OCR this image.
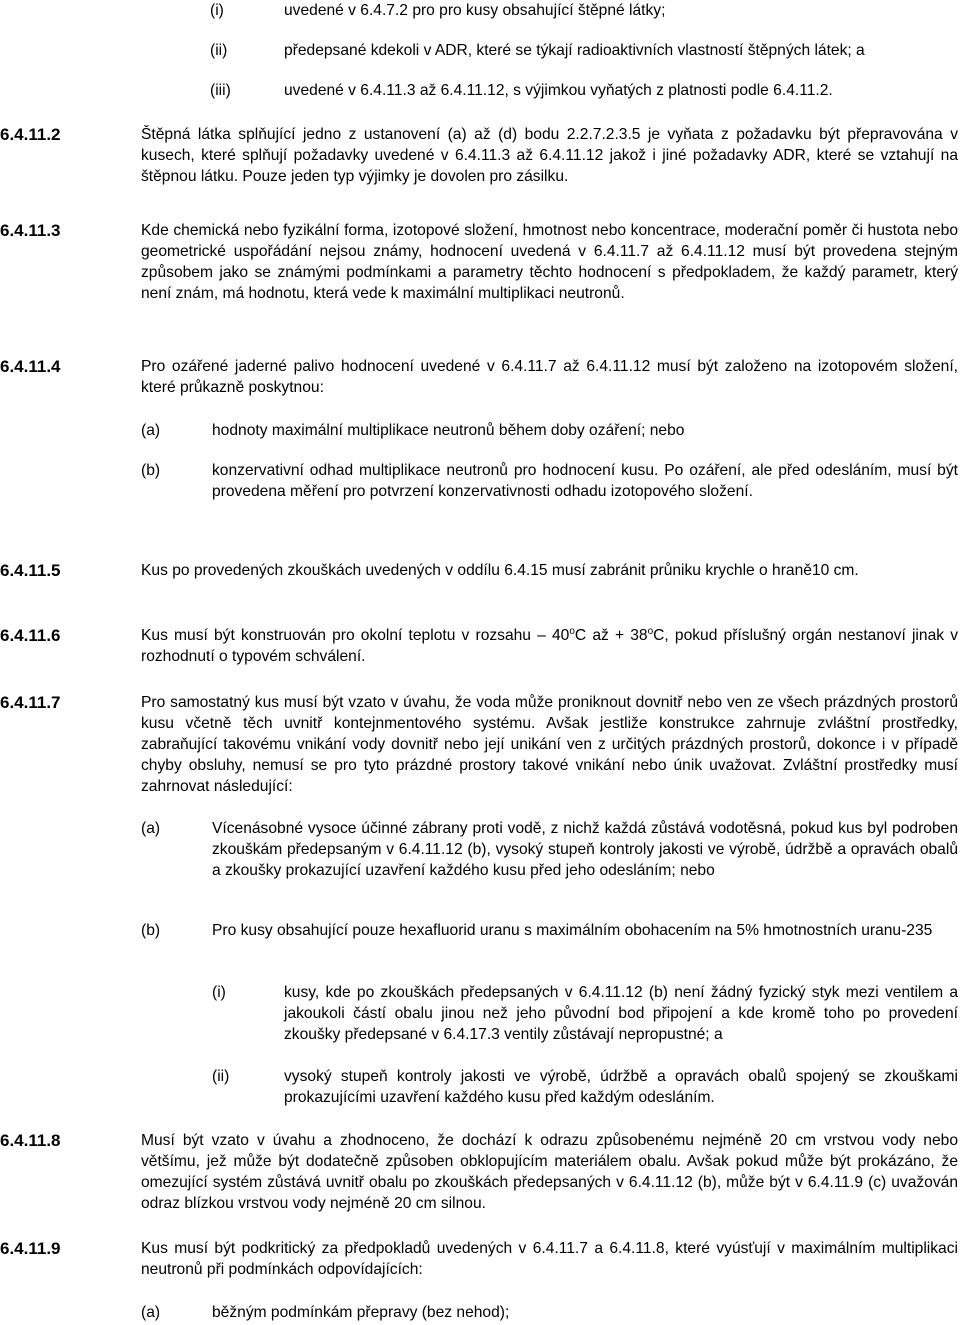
(i)	uvedené v 6.4.7.2 pro pro kusy obsahující štěpné látky;
(ii)	předepsané kdekoli v ADR, které se týkají radioaktivních vlastností štěpných látek; a
(iii)	uvedené v 6.4.11.3 až 6.4.11.12, s výjimkou vyňatých z platnosti podle 6.4.11.2.
6.4.11.2	Štěpná látka splňující jedno z ustanovení (a) až (d) bodu 2.2.7.2.3.5 je vyňata z požadavku být přepravována v kusech, které splňují požadavky uvedené v 6.4.11.3 až 6.4.11.12 jakož i jiné požadavky ADR, které se vztahují na štěpnou látku. Pouze jeden typ výjimky je dovolen pro zásilku.
6.4.11.3	Kde chemická nebo fyzikální forma, izotopové složení, hmotnost nebo koncentrace, moderační poměr či hustota nebo geometrické uspořádání nejsou známy, hodnocení uvedená v 6.4.11.7 až 6.4.11.12 musí být provedena stejným způsobem jako se známými podmínkami a parametry těchto hodnocení s předpokladem, že každý parametr, který není znám, má hodnotu, která vede k maximální multiplikaci neutronů.
6.4.11.4	Pro ozářené jaderné palivo hodnocení uvedené v 6.4.11.7 až 6.4.11.12 musí být založeno na izotopovém složení, které průkazně poskytnou:
(a)	hodnoty maximální multiplikace neutronů během doby ozáření; nebo
(b)	konzervativní odhad multiplikace neutronů pro hodnocení kusu. Po ozáření, ale před odesláním, musí být provedena měření pro potvrzení konzervativnosti odhadu izotopového složení.
6.4.11.5	Kus po provedených zkouškách uvedených v oddílu 6.4.15 musí zabránit průniku krychle o hraně10 cm.
6.4.11.6	Kus musí být konstruován pro okolní teplotu v rozsahu – 40$^o$C až + $38^oC$, pokud příslušný orgán nestanoví jinak v rozhodnutí o typovém schválení.
6.4.11.7	Pro samostatný kus musí být vzato v úvahu, že voda může proniknout dovnitř nebo ven ze všech prázdných prostorů kusu včetně těch uvnitř kontejnmentového systému. Avšak jestliže konstrukce zahrnuje zvláštní prostředky, zabraňující takovému vnikání vody dovnitř nebo její unikání ven z určitých prázdných prostorů, dokonce i v případě chyby obsluhy, nemusí se pro tyto prázdné prostory takové vnikání nebo únik uvažovat. Zvláštní prostředky musí zahrnovat následující:
(a)	Vícenásobné vysoce účinné zábrany proti vodě, z nichž každá zůstává vodotěsná, pokud kus byl podroben zkouškám předepsaným v 6.4.11.12 (b), vysoký stupeň kontroly jakosti ve výrobě, údržbě a opravách obalů a zkoušky prokazující uzavření každého kusu před jeho odesláním; nebo
(b)	Pro kusy obsahující pouze hexafluorid uranu s maximálním obohacením na 5% hmotnostních uranu-235
(i)	kusy, kde po zkouškách předepsaných v 6.4.11.12 (b) není žádný fyzický styk mezi ventilem a jakoukoli částí obalu jinou než jeho původní bod připojení a kde kromě toho po provedení zkoušky předepsané v 6.4.17.3 ventily zůstávají nepropustné; a
(ii)	vysoký stupeň kontroly jakosti ve výrobě, údržbě a opravách obalů spojený se zkouškami prokazujícími uzavření každého kusu před každým odesláním.
6.4.11.8	Musí být vzato v úvahu a zhodnoceno, že dochází k odrazu způsobenému nejméně 20 cm vrstvou vody nebo většímu, jež může být dodatečně způsoben obklopujícím materiálem obalu. Avšak pokud může být prokázáno, že omezující systém zůstává uvnitř obalu po zkouškách předepsaných v 6.4.11.12 (b), může být v 6.4.11.9 (c) uvažován odraz blízkou vrstvou vody nejméně 20 cm silnou.
6.4.11.9	Kus musí být podkritický za předpokladů uvedených v 6.4.11.7 a 6.4.11.8, které vyúsťují v maximálním multiplikaci neutronů při podmínkách odpovídajících:
(a)	běžným podmínkám přepravy (bez nehod);
